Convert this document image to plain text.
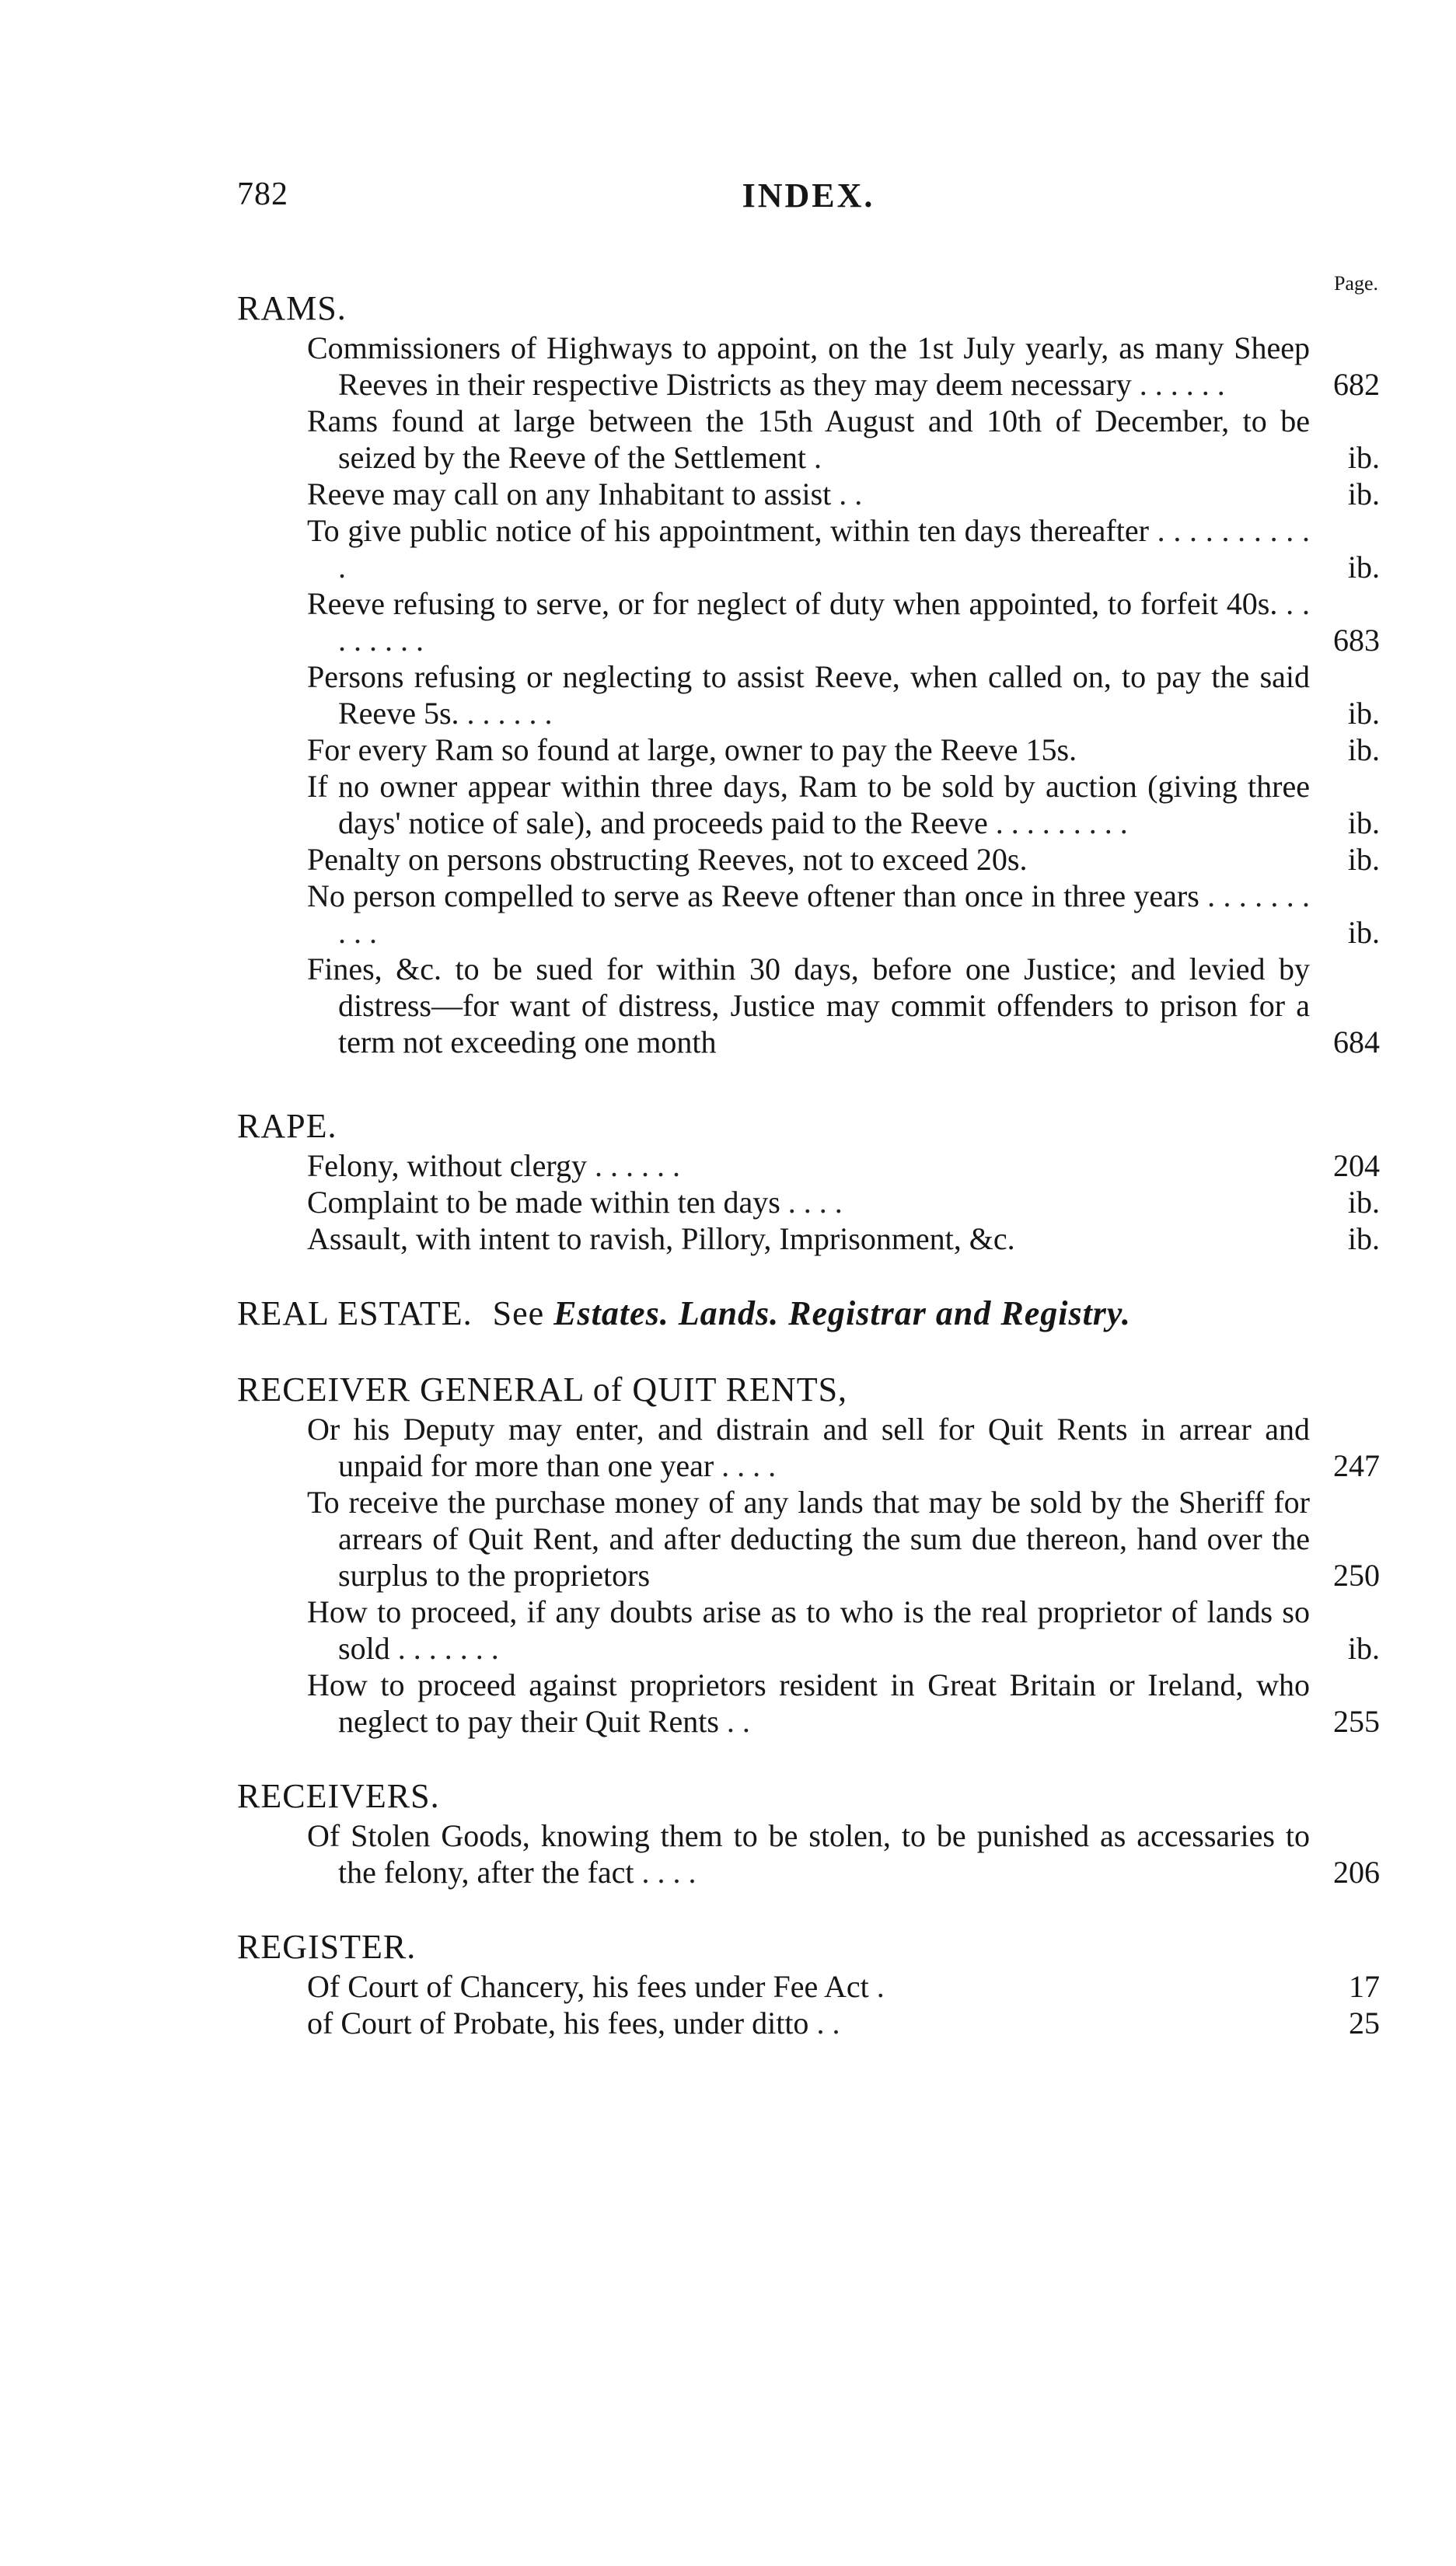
782	INDEX.
Page.
RAMS.
Commissioners of Highways to appoint, on the 1st July yearly, as many Sheep Reeves in their respective Districts as they may deem necessary . . . . . .	682
Rams found at large between the 15th August and 10th of December, to be seized by the Reeve of the Settlement .	ib.
Reeve may call on any Inhabitant to assist . .	ib.
To give public notice of his appointment, within ten days thereafter . . . . . . . . . . .	ib.
Reeve refusing to serve, or for neglect of duty when appointed, to forfeit 40s. . . . . . . . .	683
Persons refusing or neglecting to assist Reeve, when called on, to pay the said Reeve 5s. . . . . . .	ib.
For every Ram so found at large, owner to pay the Reeve 15s.	ib.
If no owner appear within three days, Ram to be sold by auction (giving three days' notice of sale), and proceeds paid to the Reeve . . . . . . . . .	ib.
Penalty on persons obstructing Reeves, not to exceed 20s.	ib.
No person compelled to serve as Reeve oftener than once in three years . . . . . . . . . .	ib.
Fines, &c. to be sued for within 30 days, before one Justice; and levied by distress—for want of distress, Justice may commit offenders to prison for a term not exceeding one month	684
RAPE.
Felony, without clergy . . . . . .	204
Complaint to be made within ten days . . . .	ib.
Assault, with intent to ravish, Pillory, Imprisonment, &c.	ib.
REAL ESTATE. See Estates. Lands. Registrar and Registry.
RECEIVER GENERAL of QUIT RENTS,
Or his Deputy may enter, and distrain and sell for Quit Rents in arrear and unpaid for more than one year . . . .	247
To receive the purchase money of any lands that may be sold by the Sheriff for arrears of Quit Rent, and after deducting the sum due thereon, hand over the surplus to the proprietors	250
How to proceed, if any doubts arise as to who is the real proprietor of lands so sold . . . . . . .	ib.
How to proceed against proprietors resident in Great Britain or Ireland, who neglect to pay their Quit Rents . .	255
RECEIVERS.
Of Stolen Goods, knowing them to be stolen, to be punished as accessaries to the felony, after the fact . . . .	206
REGISTER.
Of Court of Chancery, his fees under Fee Act .	17
of Court of Probate, his fees, under ditto . .	25
